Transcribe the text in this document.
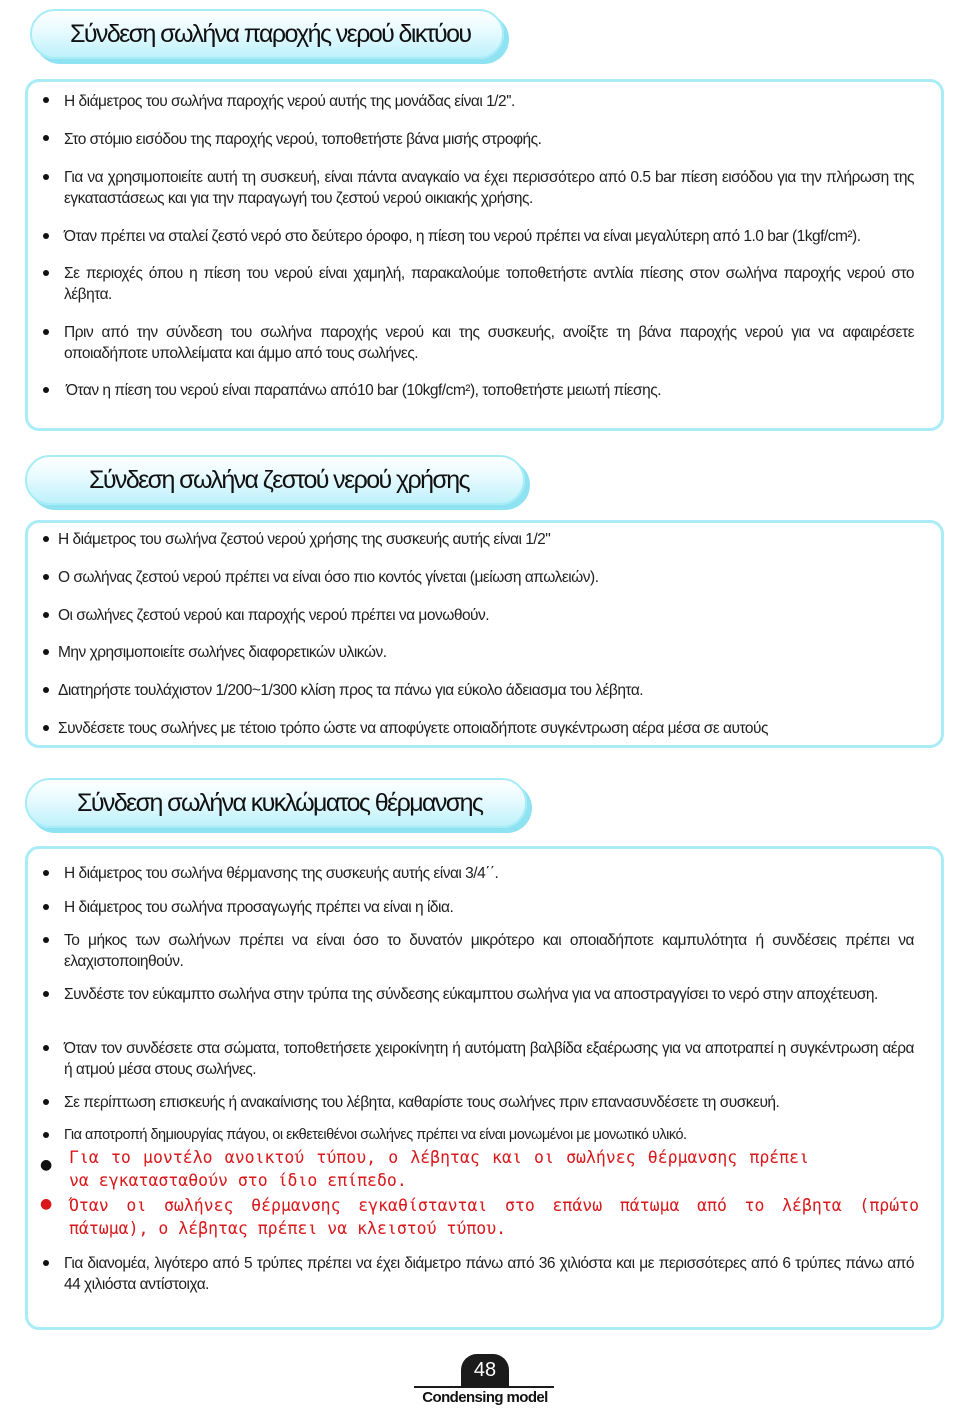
Σύνδεση σωλήνα παροχής νερού δικτύου
Η διάμετρος του σωλήνα παροχής νερού αυτής της μονάδας είναι 1/2''.
Στο στόμιο εισόδου της παροχής νερού, τοποθετήστε βάνα μισής στροφής.
Για να χρησιμοποιείτε αυτή τη συσκευή, είναι πάντα αναγκαίο να έχει περισσότερο από 0.5 bar πίεση εισόδου για την πλήρωση της εγκαταστάσεως και για την παραγωγή του ζεστού νερού οικιακής χρήσης.
Όταν πρέπει να σταλεί ζεστό νερό στο δεύτερο όροφο, η πίεση του νερού πρέπει να είναι μεγαλύτερη από 1.0 bar (1kgf/cm²).
Σε περιοχές όπου η πίεση του νερού είναι χαμηλή, παρακαλούμε τοποθετήστε αντλία πίεσης στον σωλήνα παροχής νερού στο λέβητα.
Πριν από την σύνδεση του σωλήνα παροχής νερού και της συσκευής, ανοίξτε τη βάνα παροχής νερού για να αφαιρέσετε οποιαδήποτε υπολλείματα και άμμο από τους σωλήνες.
Όταν η πίεση του νερού είναι παραπάνω από10 bar (10kgf/cm²), τοποθετήστε μειωτή πίεσης.
Σύνδεση σωλήνα ζεστού νερού χρήσης
Η διάμετρος του σωλήνα ζεστού νερού χρήσης της συσκευής αυτής είναι 1/2"
Ο σωλήνας ζεστού νερού πρέπει να είναι όσο πιο κοντός γίνεται (μείωση απωλειών).
Οι σωλήνες ζεστού νερού και παροχής νερού πρέπει να μονωθούν.
Μην χρησιμοποιείτε σωλήνες διαφορετικών υλικών.
Διατηρήστε τουλάχιστον 1/200~1/300 κλίση προς τα πάνω για εύκολο άδειασμα του λέβητα.
Συνδέσετε τους σωλήνες με τέτοιο τρόπο ώστε να αποφύγετε οποιαδήποτε συγκέντρωση αέρα μέσα σε αυτούς
Σύνδεση σωλήνα κυκλώματος θέρμανσης
Η διάμετρος του σωλήνα θέρμανσης της συσκευής αυτής είναι 3/4΄΄.
Η διάμετρος του σωλήνα προσαγωγής πρέπει να είναι η ίδια.
Το μήκος των σωλήνων πρέπει να είναι όσο το δυνατόν μικρότερο και οποιαδήποτε καμπυλότητα ή συνδέσεις πρέπει να ελαχιστοποιηθούν.
Συνδέστε τον εύκαμπτο σωλήνα στην τρύπα της σύνδεσης εύκαμπτου σωλήνα για να αποστραγγίσει το νερό στην αποχέτευση.
Όταν τον συνδέσετε στα σώματα, τοποθετήσετε χειροκίνητη ή αυτόματη βαλβίδα εξαέρωσης για να αποτραπεί η συγκέντρωση αέρα ή ατμού μέσα στους σωλήνες.
Σε περίπτωση επισκευής ή ανακαίνισης του λέβητα, καθαρίστε τους σωλήνες πριν επανασυνδέσετε τη συσκευή.
Για αποτροπή δημιουργίας πάγου, οι εκθετειθένοι σωλήνες πρέπει να είναι μονωμένοι με μονωτικό υλικό.
● Για το μοντέλο ανοικτού τύπου, ο λέβητας και οι σωλήνες θέρμανσης πρέπει να εγκατασταθούν στο ίδιο επίπεδο.
● Όταν οι σωλήνες θέρμανσης εγκαθίστανται στο επάνω πάτωμα από το λέβητα (πρώτο πάτωμα), ο λέβητας πρέπει να κλειστού τύπου.
Για διανομέα, λιγότερο από 5 τρύπες πρέπει να έχει διάμετρο πάνω από 36 χιλιόστα και με περισσότερες από 6 τρύπες πάνω από 44 χιλιόστα αντίστοιχα.
48
Condensing model
